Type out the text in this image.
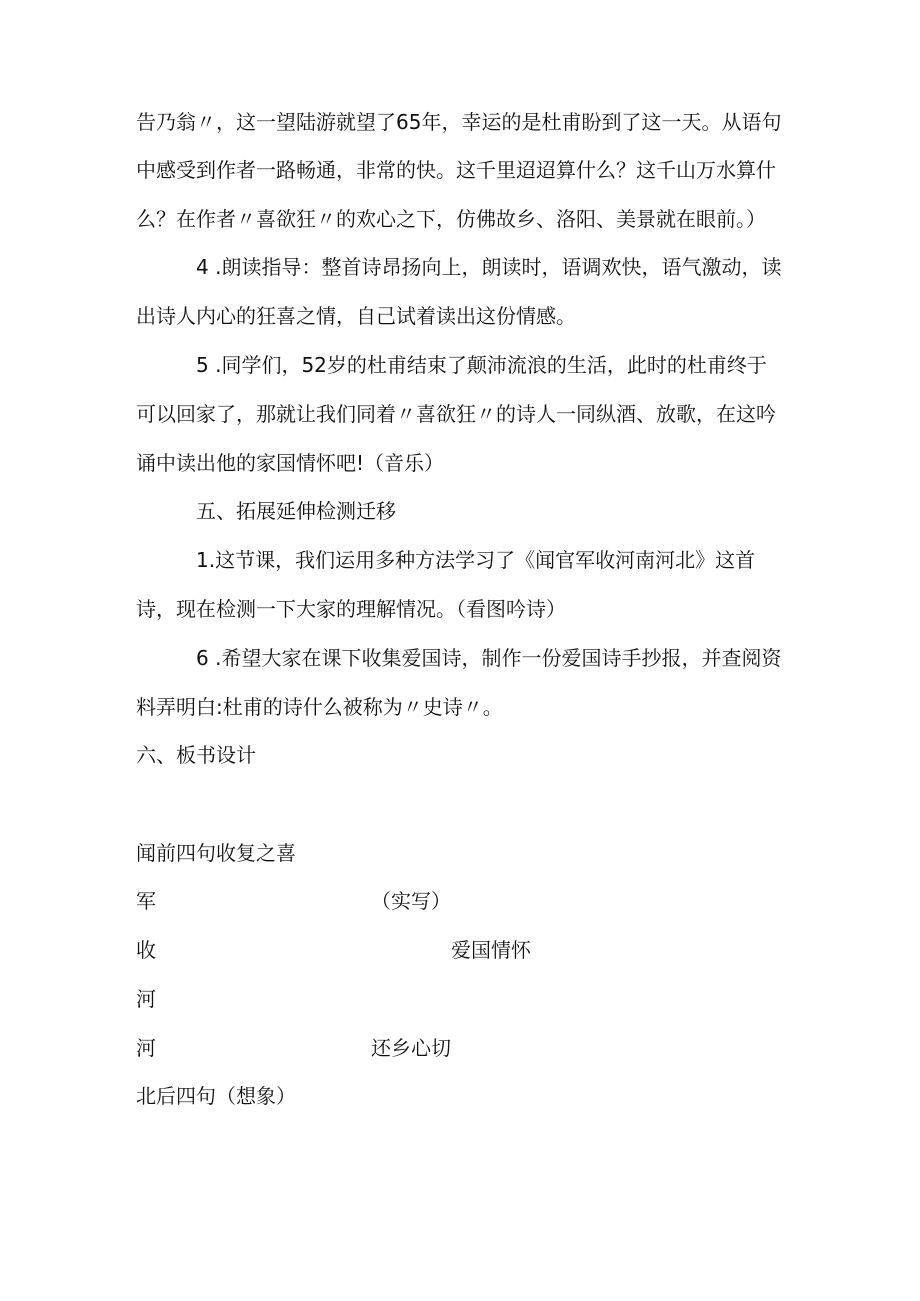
告乃翁〃，这一望陆游就望了65年，幸运的是杜甫盼到了这一天。从语句
中感受到作者一路畅通，非常的快。这千里迢迢算什么？这千山万水算什
么？在作者〃喜欲狂〃的欢心之下，仿佛故乡、洛阳、美景就在眼前。）
4 .朗读指导：整首诗昂扬向上，朗读时，语调欢快，语气激动，读
出诗人内心的狂喜之情，自己试着读出这份情感。
5 .同学们，52岁的杜甫结束了颠沛流浪的生活，此时的杜甫终于
可以回家了，那就让我们同着〃喜欲狂〃的诗人一同纵酒、放歌，在这吟
诵中读出他的家国情怀吧!（音乐）
五、拓展延伸检测迁移
1.这节课，我们运用多种方法学习了《闻官军收河南河北》这首
诗，现在检测一下大家的理解情况。（看图吟诗）
6 .希望大家在课下收集爱国诗，制作一份爱国诗手抄报，并查阅资
料弄明白:杜甫的诗什么被称为〃史诗〃。
六、板书设计
闻前四句收复之喜
军	（实写）
收	爱国情怀
河
河	还乡心切
北后四句（想象）
